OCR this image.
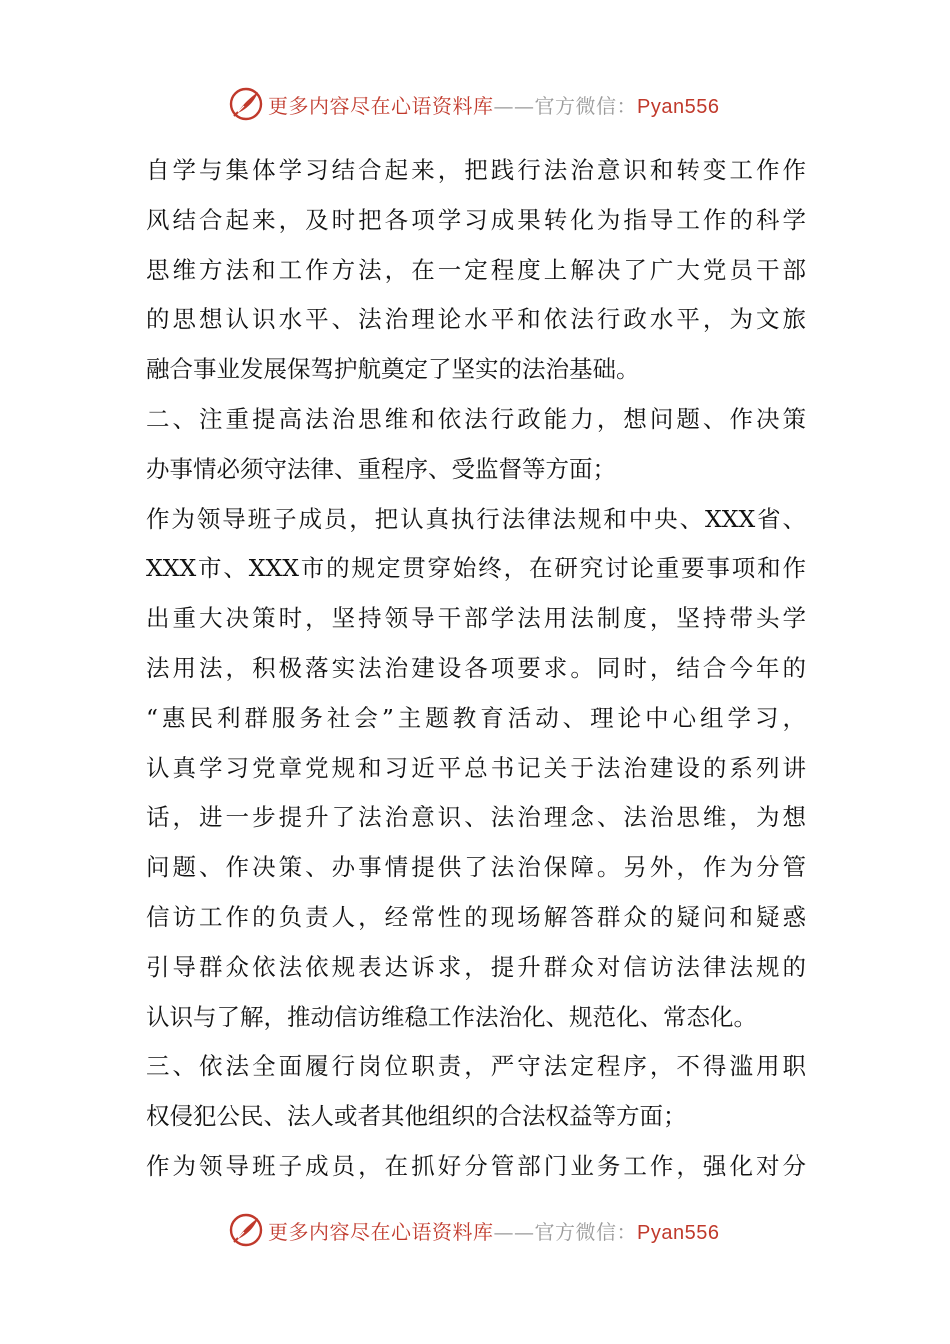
更多内容尽在心语资料库——官方微信：Pyan556
自学与集体学习结合起来，把践行法治意识和转变工作作
风结合起来，及时把各项学习成果转化为指导工作的科学
思维方法和工作方法，在一定程度上解决了广大党员干部
的思想认识水平、法治理论水平和依法行政水平，为文旅
融合事业发展保驾护航奠定了坚实的法治基础。
二、注重提高法治思维和依法行政能力，想问题、作决策
办事情必须守法律、重程序、受监督等方面；
作为领导班子成员，把认真执行法律法规和中央、XXX省、
XXX市、XXX市的规定贯穿始终，在研究讨论重要事项和作
出重大决策时，坚持领导干部学法用法制度，坚持带头学
法用法，积极落实法治建设各项要求。同时，结合今年的
“惠民利群服务社会”主题教育活动、理论中心组学习，
认真学习党章党规和习近平总书记关于法治建设的系列讲
话，进一步提升了法治意识、法治理念、法治思维，为想
问题、作决策、办事情提供了法治保障。另外，作为分管
信访工作的负责人，经常性的现场解答群众的疑问和疑惑
引导群众依法依规表达诉求，提升群众对信访法律法规的
认识与了解，推动信访维稳工作法治化、规范化、常态化。
三、依法全面履行岗位职责，严守法定程序，不得滥用职
权侵犯公民、法人或者其他组织的合法权益等方面；
作为领导班子成员，在抓好分管部门业务工作，强化对分
更多内容尽在心语资料库——官方微信：Pyan556
